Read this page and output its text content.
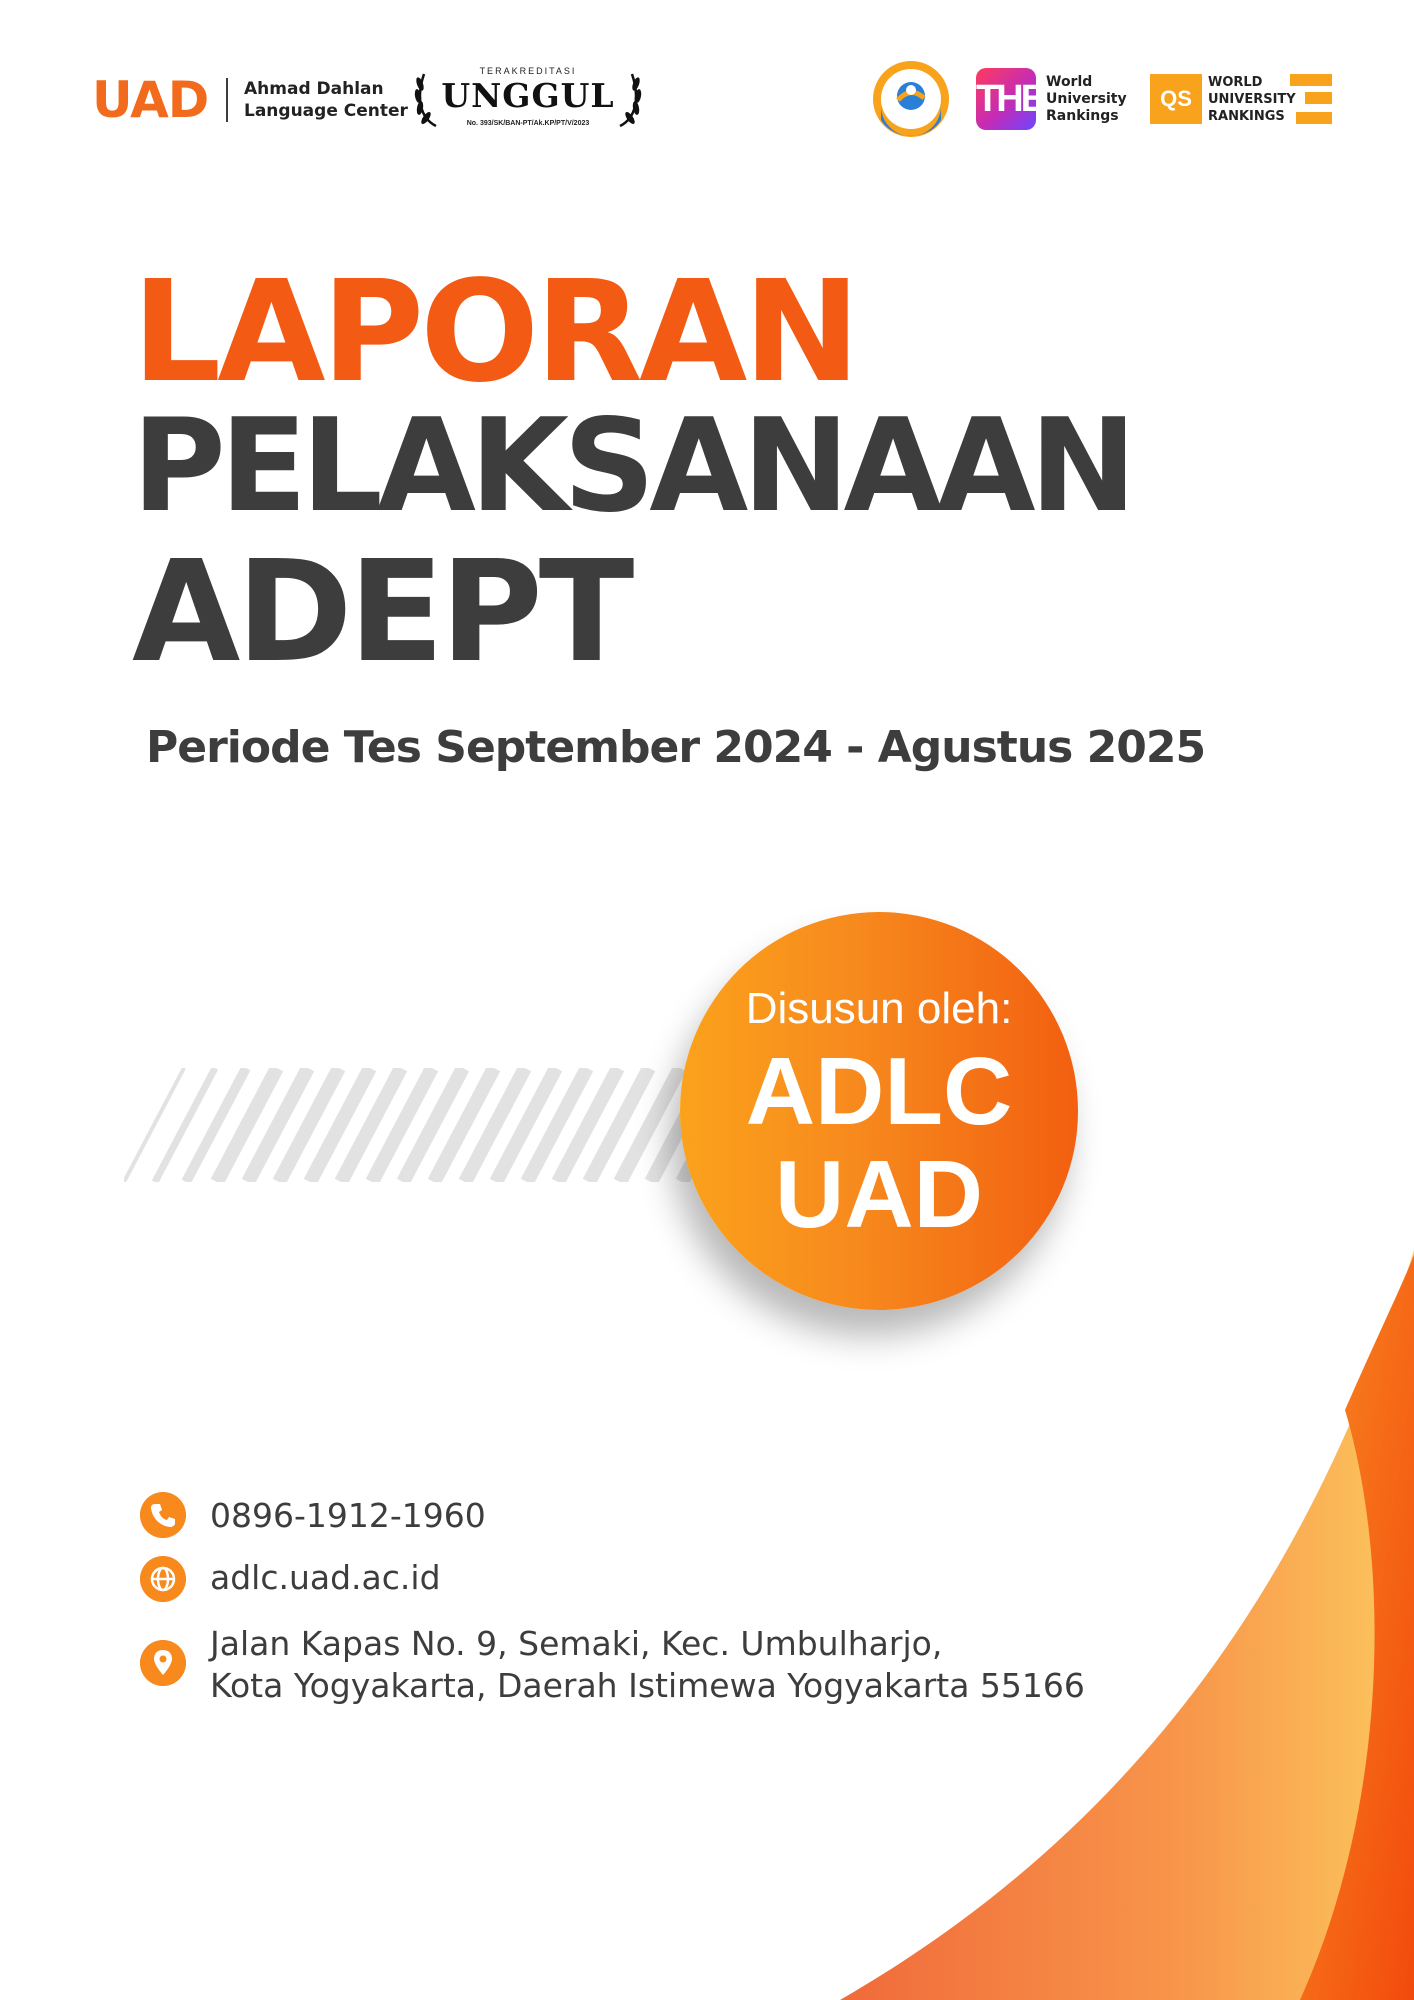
UAD Ahmad Dahlan
Language Center
TERAKREDITASI
UNGGUL
No. 393/SK/BAN-PT/Ak.KP/PT/V/2023
THE World
University
Rankings
QS
WORLD
UNIVERSITY
RANKINGS
LAPORAN
PELAKSANAAN
ADEPT
Periode Tes September 2024 - Agustus 2025
Disusun oleh:
ADLC
UAD
0896-1912-1960
adlc.uad.ac.id
Jalan Kapas No. 9, Semaki, Kec. Umbulharjo,
Kota Yogyakarta, Daerah Istimewa Yogyakarta 55166
